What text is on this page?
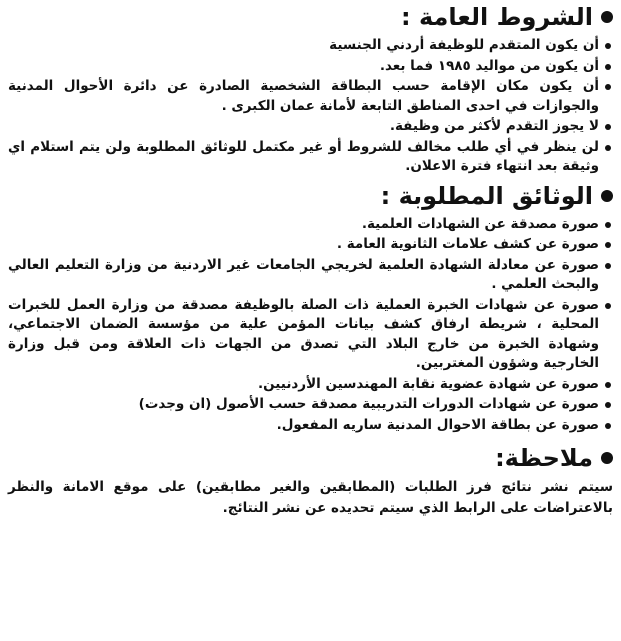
الشروط العامة :
أن يكون المتقدم للوظيفة أردني الجنسية
أن يكون من مواليد ١٩٨٥ فما بعد.
أن يكون مكان الإقامة حسب البطاقة الشخصية الصادرة عن دائرة الأحوال المدنية والجوازات في احدى المناطق التابعة لأمانة عمان الكبرى .
لا يجوز التقدم لأكثر من وظيفة.
لن ينظر في أي طلب مخالف للشروط أو غير مكتمل للوثائق المطلوبة ولن يتم استلام اي وثيقة بعد انتهاء فترة الاعلان.
الوثائق المطلوبة :
صورة مصدقة عن الشهادات العلمية.
صورة عن كشف علامات الثانوية العامة .
صورة عن معادلة الشهادة العلمية لخريجي الجامعات غير الاردنية من وزارة التعليم العالي والبحث العلمي .
صورة عن شهادات الخبرة العملية ذات الصلة بالوظيفة مصدقة من وزارة العمل للخبرات المحلية ، شريطة ارفاق كشف بيانات المؤمن علية من مؤسسة الضمان الاجتماعي، وشهادة الخبرة من خارج البلاد التي تصدق من الجهات ذات العلاقة ومن قبل وزارة الخارجية وشؤون المغتربين.
صورة عن شهادة عضوية نقابة المهندسين الأردنيين.
صورة عن شهادات الدورات التدريبية مصدقة حسب الأصول (ان وجدت)
صورة عن بطاقة الاحوال المدنية ساريه المفعول.
ملاحظة:
سيتم نشر نتائج فرز الطلبات (المطابقين والغير مطابقين) على موقع الامانة والنظر بالاعتراضات على الرابط الذي سيتم تحديده عن نشر النتائج.
